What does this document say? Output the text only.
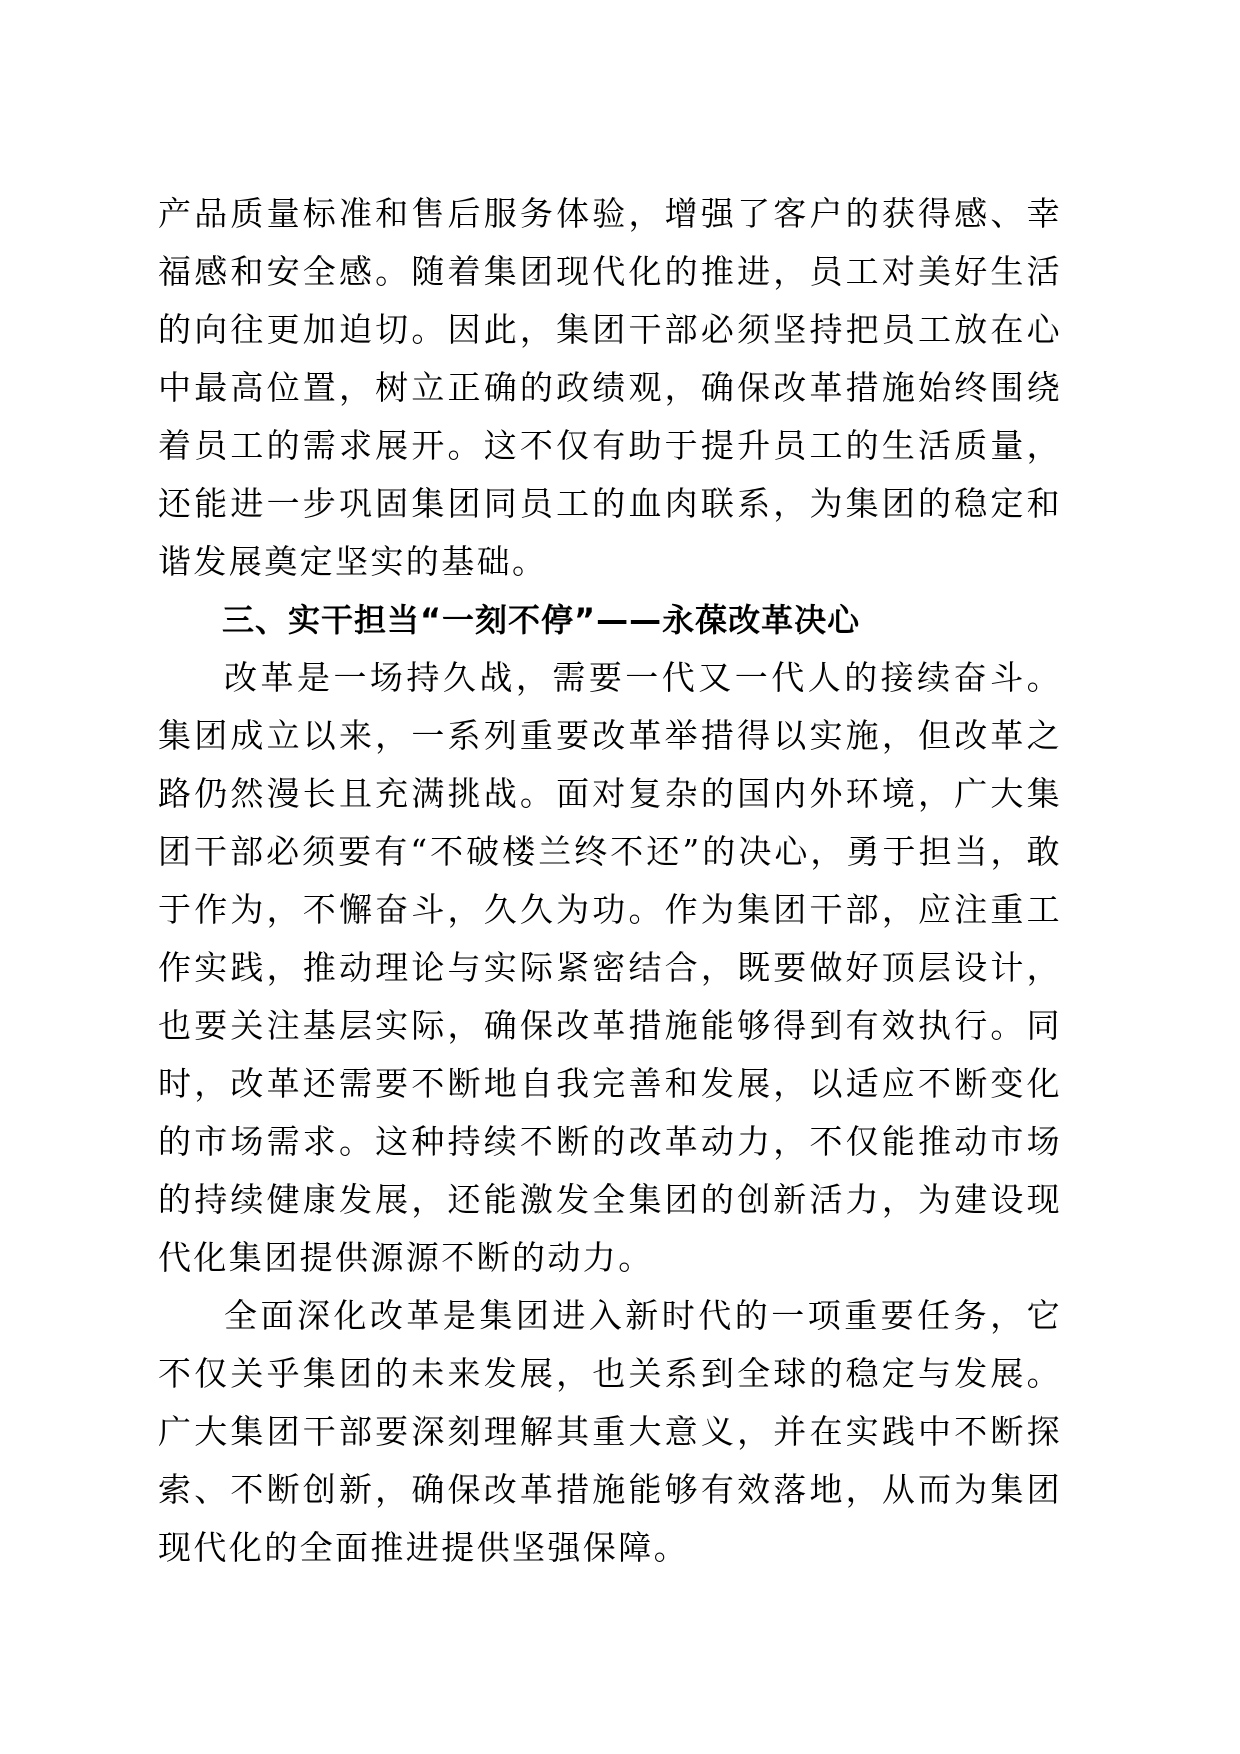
产品质量标准和售后服务体验，增强了客户的获得感、幸福感和安全感。随着集团现代化的推进，员工对美好生活的向往更加迫切。因此，集团干部必须坚持把员工放在心中最高位置，树立正确的政绩观，确保改革措施始终围绕着员工的需求展开。这不仅有助于提升员工的生活质量，还能进一步巩固集团同员工的血肉联系，为集团的稳定和谐发展奠定坚实的基础。

三、实干担当“一刻不停”——永葆改革决心

改革是一场持久战，需要一代又一代人的接续奋斗。集团成立以来，一系列重要改革举措得以实施，但改革之路仍然漫长且充满挑战。面对复杂的国内外环境，广大集团干部必须要有“不破楼兰终不还”的决心，勇于担当，敢于作为，不懈奋斗，久久为功。作为集团干部，应注重工作实践，推动理论与实际紧密结合，既要做好顶层设计，也要关注基层实际，确保改革措施能够得到有效执行。同时，改革还需要不断地自我完善和发展，以适应不断变化的市场需求。这种持续不断的改革动力，不仅能推动市场的持续健康发展，还能激发全集团的创新活力，为建设现代化集团提供源源不断的动力。

全面深化改革是集团进入新时代的一项重要任务，它不仅关乎集团的未来发展，也关系到全球的稳定与发展。广大集团干部要深刻理解其重大意义，并在实践中不断探索、不断创新，确保改革措施能够有效落地，从而为集团现代化的全面推进提供坚强保障。
